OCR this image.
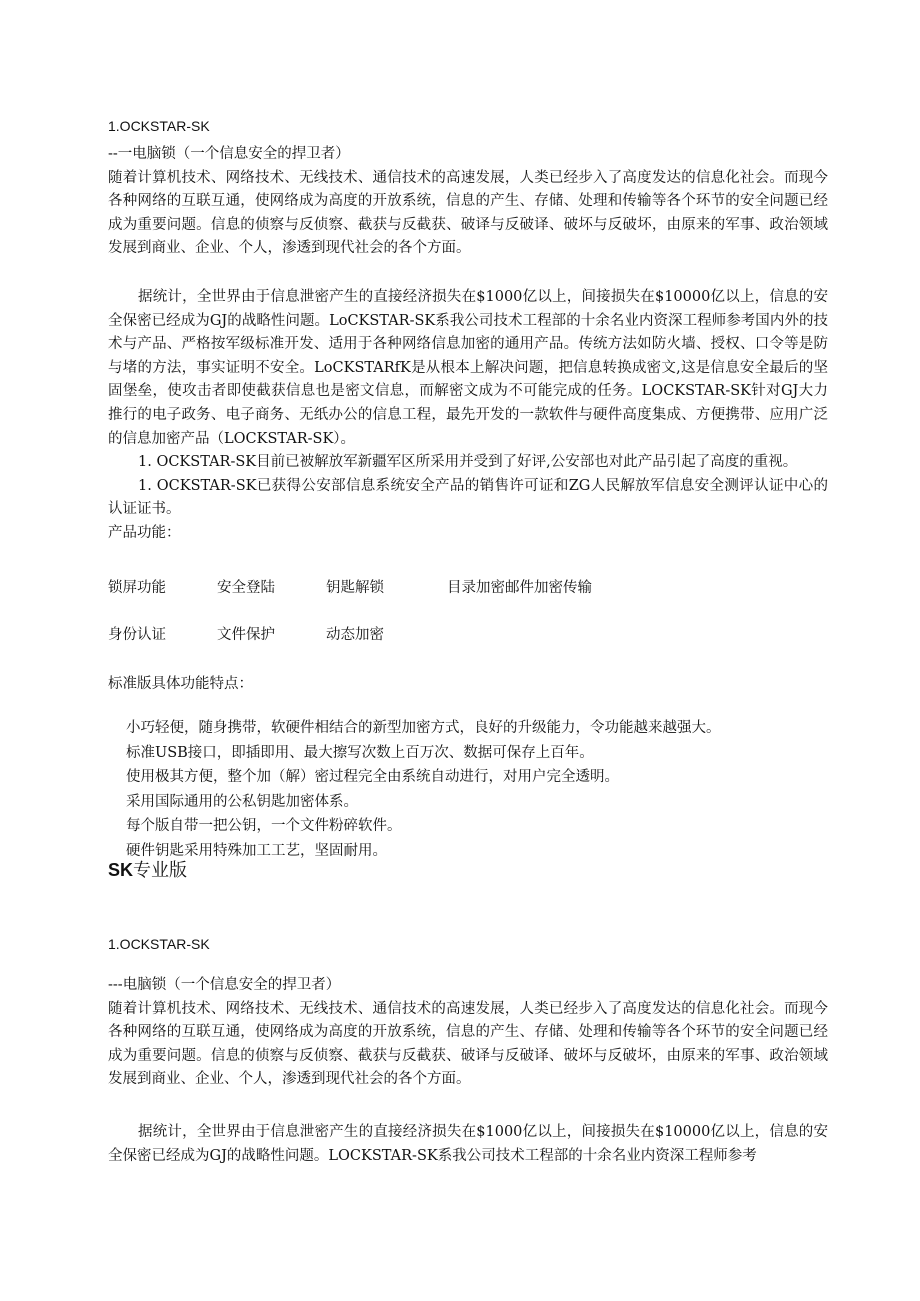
1.OCKSTAR-SK

--一电脑锁（一个信息安全的捍卫者）

随着计算机技术、网络技术、无线技术、通信技术的高速发展，人类已经步入了高度发达的信息化社会。而现今各种网络的互联互通，使网络成为高度的开放系统，信息的产生、存储、处理和传输等各个环节的安全问题已经成为重要问题。信息的侦察与反侦察、截获与反截获、破译与反破译、破坏与反破坏，由原来的军事、政治领域发展到商业、企业、个人，渗透到现代社会的各个方面。

据统计，全世界由于信息泄密产生的直接经济损失在$1000亿以上，间接损失在$10000亿以上，信息的安全保密已经成为GJ的战略性问题。LoCKSTAR-SK系我公司技术工程部的十余名业内资深工程师参考国内外的技术与产品、严格按军级标准开发、适用于各种网络信息加密的通用产品。传统方法如防火墙、授权、口令等是防与堵的方法，事实证明不安全。LoCKSTARfK是从根本上解决问题，把信息转换成密文,这是信息安全最后的坚固堡垒，使攻击者即使截获信息也是密文信息，而解密文成为不可能完成的任务。LOCKSTAR-SK针对GJ大力推行的电子政务、电子商务、无纸办公的信息工程，最先开发的一款软件与硬件高度集成、方便携带、应用广泛的信息加密产品（LOCKSTAR-SK）。

1. OCKSTAR-SK目前已被解放军新疆军区所采用并受到了好评,公安部也对此产品引起了高度的重视。

1. OCKSTAR-SK已获得公安部信息系统安全产品的销售许可证和ZG人民解放军信息安全测评认证中心的认证证书。

产品功能：

锁屏功能	安全登陆	钥匙解锁	目录加密邮件加密传输
身份认证	文件保护	动态加密
标准版具体功能特点：
小巧轻便，随身携带，软硬件相结合的新型加密方式，良好的升级能力，令功能越来越强大。
标准USB接口，即插即用、最大擦写次数上百万次、数据可保存上百年。
使用极其方便，整个加（解）密过程完全由系统自动进行，对用户完全透明。
采用国际通用的公私钥匙加密体系。
每个版自带一把公钥，一个文件粉碎软件。
硬件钥匙采用特殊加工工艺，坚固耐用。
SK专业版
1.OCKSTAR-SK

---电脑锁（一个信息安全的捍卫者）

随着计算机技术、网络技术、无线技术、通信技术的高速发展，人类已经步入了高度发达的信息化社会。而现今各种网络的互联互通，使网络成为高度的开放系统，信息的产生、存储、处理和传输等各个环节的安全问题已经成为重要问题。信息的侦察与反侦察、截获与反截获、破译与反破译、破坏与反破坏，由原来的军事、政治领域发展到商业、企业、个人，渗透到现代社会的各个方面。

据统计，全世界由于信息泄密产生的直接经济损失在$1000亿以上，间接损失在$10000亿以上，信息的安全保密已经成为GJ的战略性问题。LOCKSTAR-SK系我公司技术工程部的十余名业内资深工程师参考
